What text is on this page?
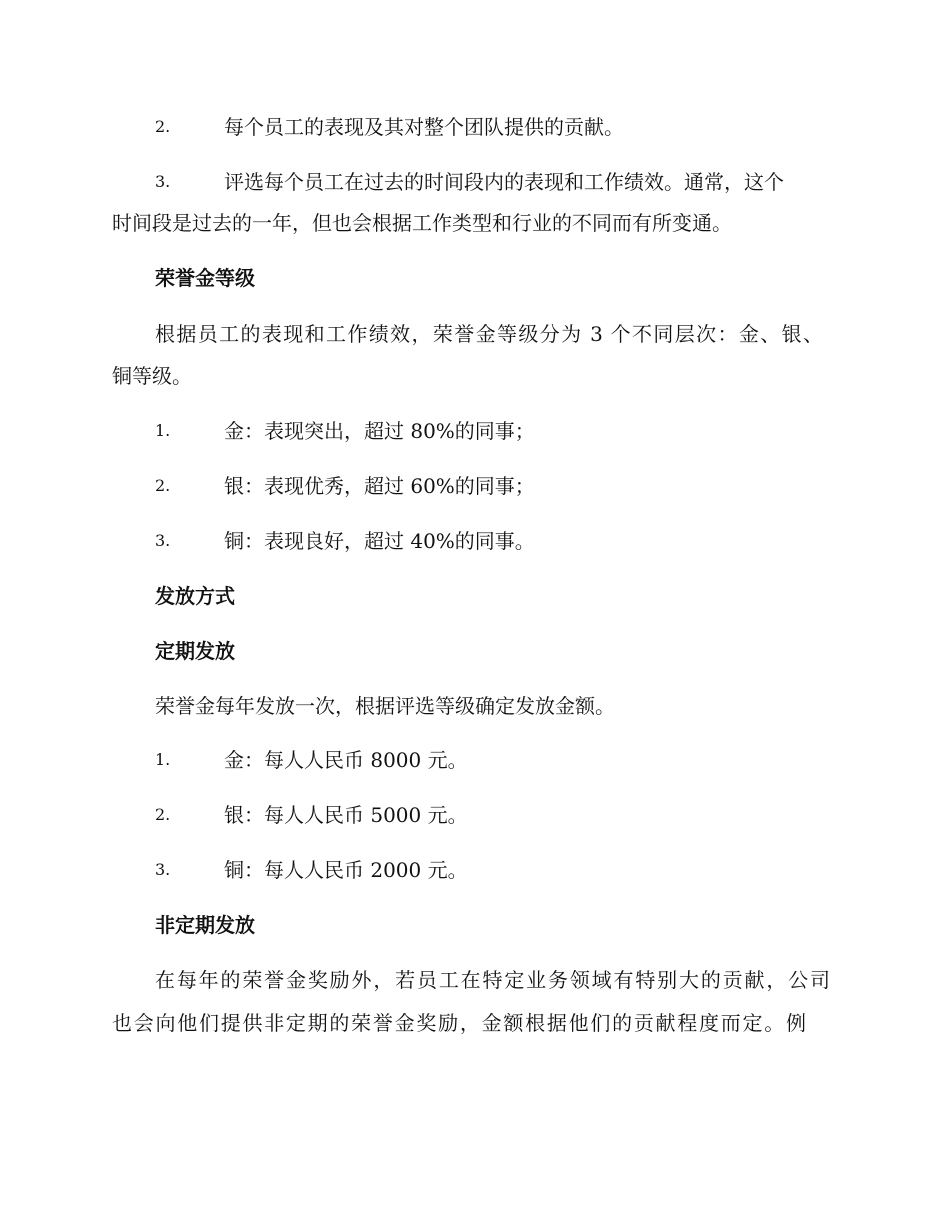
2.	每个员工的表现及其对整个团队提供的贡献。
3.	评选每个员工在过去的时间段内的表现和工作绩效。通常，这个
时间段是过去的一年，但也会根据工作类型和行业的不同而有所变通。
荣誉金等级
根据员工的表现和工作绩效，荣誉金等级分为 3 个不同层次：金、银、
铜等级。
1.	金：表现突出，超过 80%的同事；
2.	银：表现优秀，超过 60%的同事；
3.	铜：表现良好，超过 40%的同事。
发放方式
定期发放
荣誉金每年发放一次，根据评选等级确定发放金额。
1.	金：每人人民币 8000 元。
2.	银：每人人民币 5000 元。
3.	铜：每人人民币 2000 元。
非定期发放
在每年的荣誉金奖励外，若员工在特定业务领域有特别大的贡献，公司
也会向他们提供非定期的荣誉金奖励，金额根据他们的贡献程度而定。例
